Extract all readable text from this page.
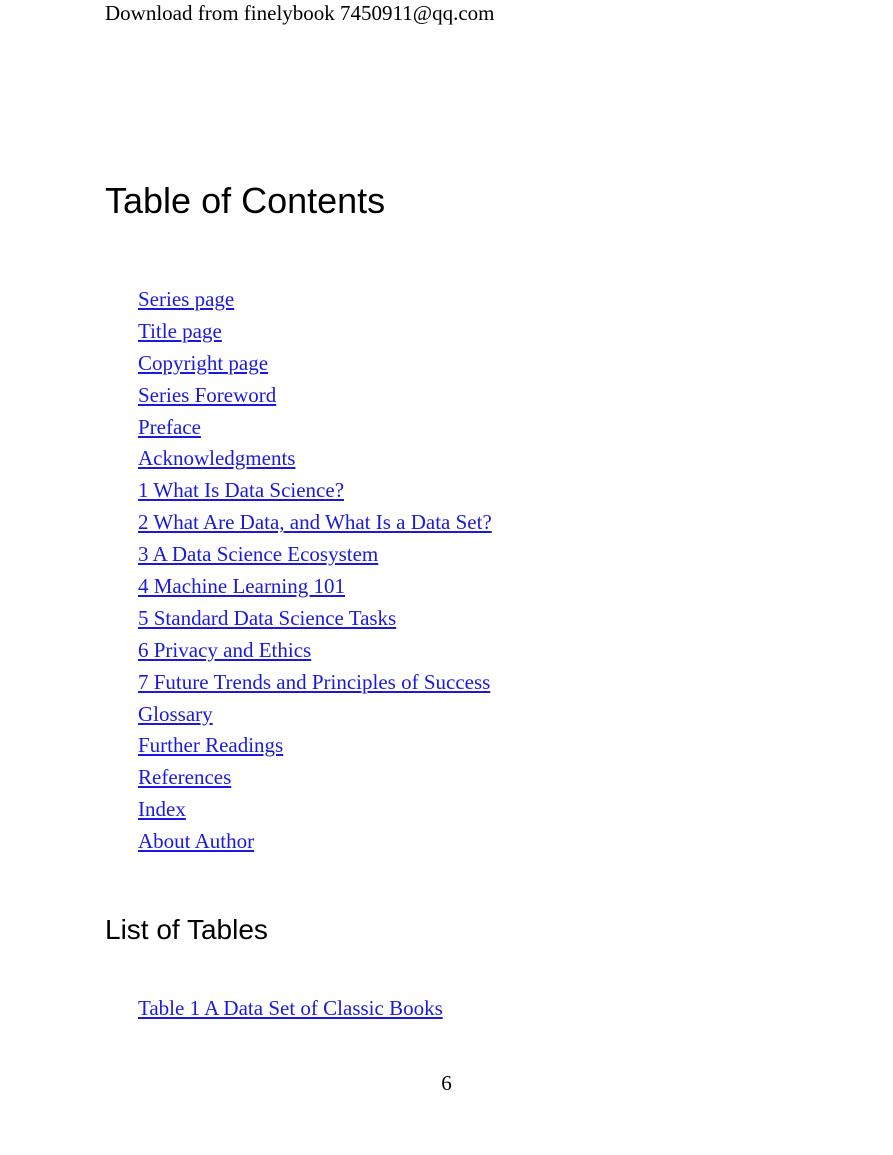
Download from finelybook 7450911@qq.com
Table of Contents
Series page
Title page
Copyright page
Series Foreword
Preface
Acknowledgments
1 What Is Data Science?
2 What Are Data, and What Is a Data Set?
3 A Data Science Ecosystem
4 Machine Learning 101
5 Standard Data Science Tasks
6 Privacy and Ethics
7 Future Trends and Principles of Success
Glossary
Further Readings
References
Index
About Author
List of Tables
Table 1 A Data Set of Classic Books
6
